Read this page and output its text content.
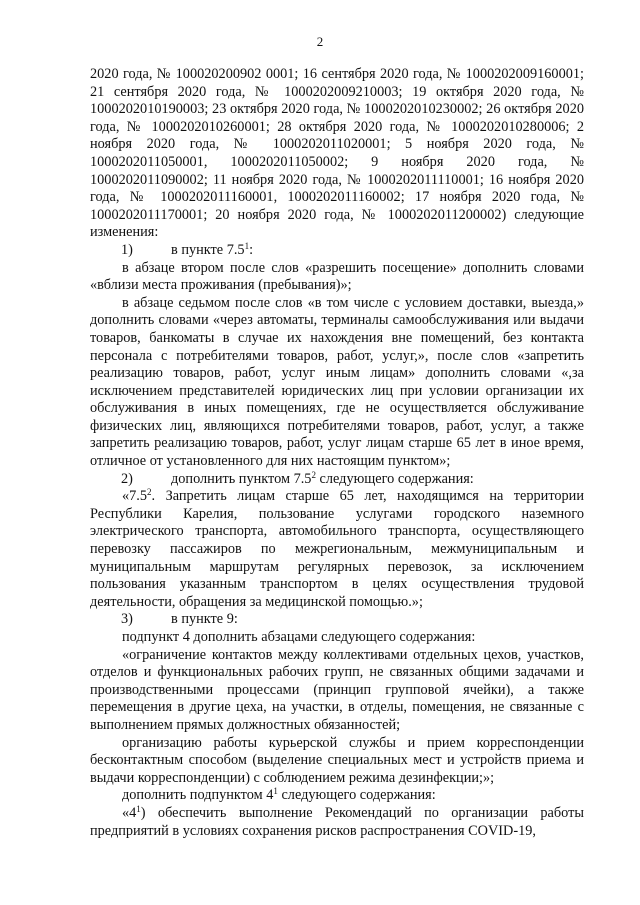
2

2020 года, № 100020200902 0001; 16 сентября 2020 года, № 1000202009160001; 21 сентября 2020 года, № 1000202009210003; 19 октября 2020 года, № 1000202010190003; 23 октября 2020 года, № 1000202010230002; 26 октября 2020 года, № 1000202010260001; 28 октября 2020 года, № 1000202010280006; 2 ноября 2020 года, № 1000202011020001; 5 ноября 2020 года, № 1000202011050001, 1000202011050002; 9 ноября 2020 года, № 1000202011090002; 11 ноября 2020 года, № 1000202011110001; 16 ноября 2020 года, № 1000202011160001, 1000202011160002; 17 ноября 2020 года, № 1000202011170001; 20 ноября 2020 года, № 1000202011200002) следующие изменения:

1)	в пункте $7.5^1$:

в абзаце втором после слов «разрешить посещение» дополнить словами «вблизи места проживания (пребывания)»;

в абзаце седьмом после слов «в том числе с условием доставки, выезда,» дополнить словами «через автоматы, терминалы самообслуживания или выдачи товаров, банкоматы в случае их нахождения вне помещений, без контакта персонала с потребителями товаров, работ, услуг,», после слов «запретить реализацию товаров, работ, услуг иным лицам» дополнить словами «,за исключением представителей юридических лиц при условии организации их обслуживания в иных помещениях, где не осуществляется обслуживание физических лиц, являющихся потребителями товаров, работ, услуг, а также запретить реализацию товаров, работ, услуг лицам старше 65 лет в иное время, отличное от установленного для них настоящим пунктом»;

2)	дополнить пунктом $7.5^2$ следующего содержания:

«$7.5^2$. Запретить лицам старше 65 лет, находящимся на территории Республики Карелия, пользование услугами городского наземного электрического транспорта, автомобильного транспорта, осуществляющего перевозку пассажиров по межрегиональным, межмуниципальным и муниципальным маршрутам регулярных перевозок, за исключением пользования указанным транспортом в целях осуществления трудовой деятельности, обращения за медицинской помощью.»;

3)	в пункте 9:

подпункт 4 дополнить абзацами следующего содержания:

«ограничение контактов между коллективами отдельных цехов, участков, отделов и функциональных рабочих групп, не связанных общими задачами и производственными процессами (принцип групповой ячейки), а также перемещения в другие цеха, на участки, в отделы, помещения, не связанные с выполнением прямых должностных обязанностей;

организацию работы курьерской службы и прием корреспонденции бесконтактным способом (выделение специальных мест и устройств приема и выдачи корреспонденции) с соблюдением режима дезинфекции;»;

дополнить подпунктом $4^1$ следующего содержания:

«$4^1$) обеспечить выполнение Рекомендаций по организации работы предприятий в условиях сохранения рисков распространения COVID-19,
